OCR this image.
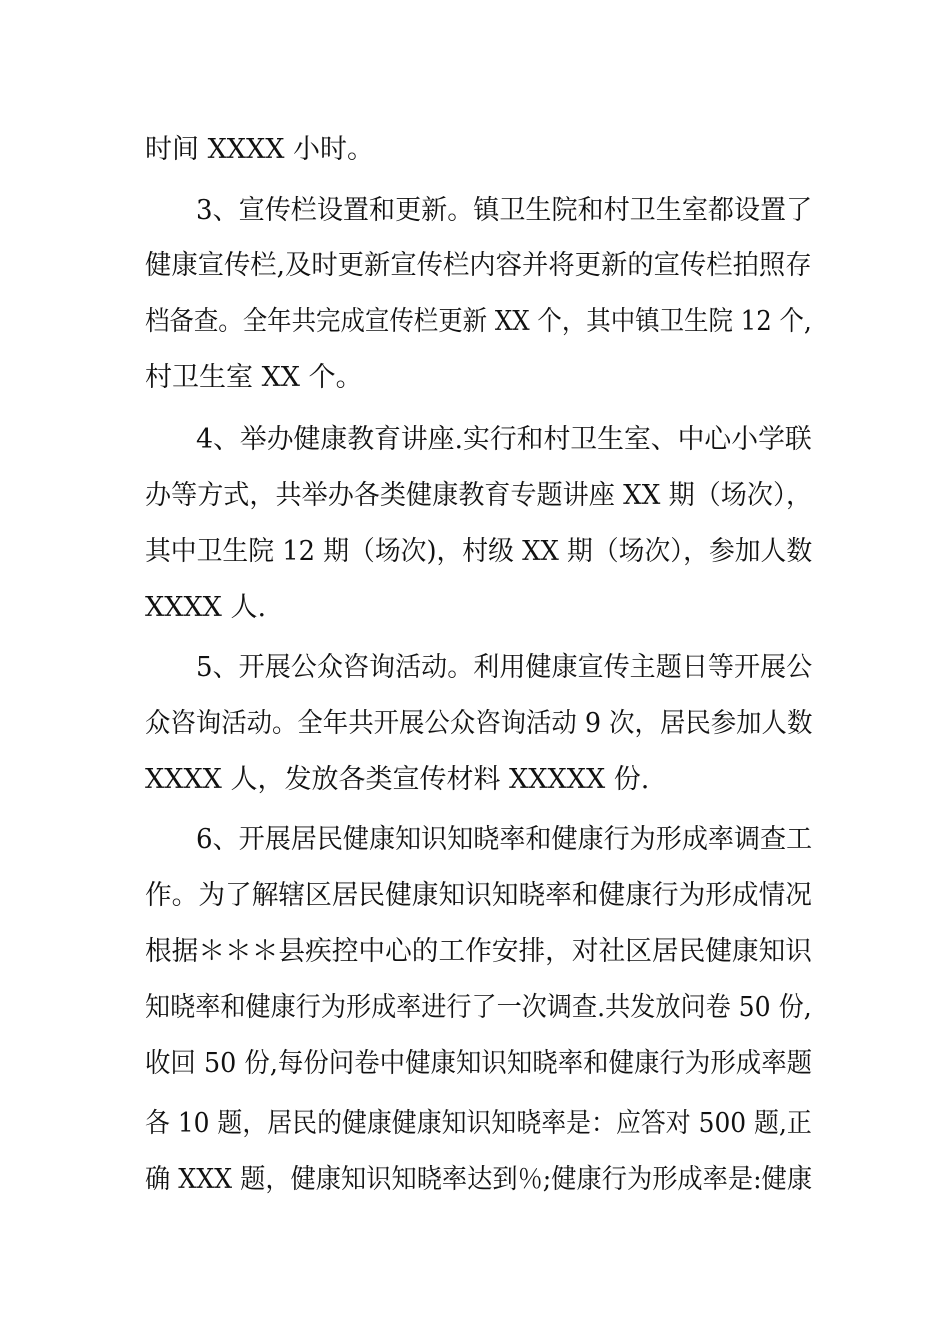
时间 XXXX 小时。
3、宣传栏设置和更新。镇卫生院和村卫生室都设置了
健康宣传栏,及时更新宣传栏内容并将更新的宣传栏拍照存
档备查。全年共完成宣传栏更新 XX 个，其中镇卫生院 12 个,
村卫生室 XX 个。
4、举办健康教育讲座.实行和村卫生室、中心小学联
办等方式，共举办各类健康教育专题讲座 XX 期（场次），
其中卫生院 12 期（场次)，村级 XX 期（场次），参加人数
XXXX 人.
5、开展公众咨询活动。利用健康宣传主题日等开展公
众咨询活动。全年共开展公众咨询活动 9 次，居民参加人数
XXXX 人，发放各类宣传材料 XXXXX 份.
6、开展居民健康知识知晓率和健康行为形成率调查工
作。为了解辖区居民健康知识知晓率和健康行为形成情况
根据＊＊＊县疾控中心的工作安排，对社区居民健康知识
知晓率和健康行为形成率进行了一次调查.共发放问卷 50 份,
收回 50 份,每份问卷中健康知识知晓率和健康行为形成率题
各 10 题，居民的健康健康知识知晓率是：应答对 500 题,正
确 XXX 题，健康知识知晓率达到％;健康行为形成率是:健康
